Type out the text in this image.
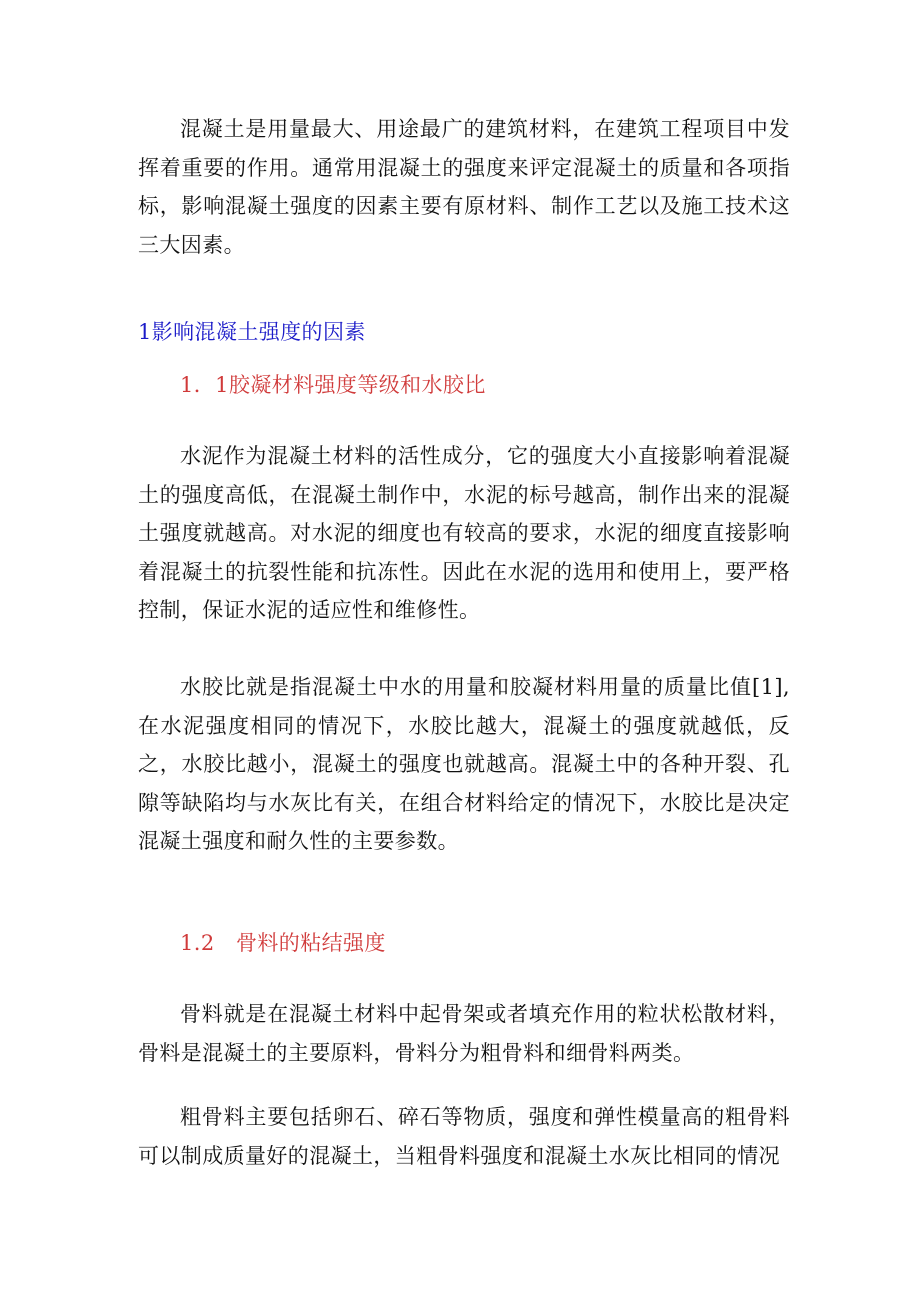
混凝土是用量最大、用途最广的建筑材料，在建筑工程项目中发挥着重要的作用。通常用混凝土的强度来评定混凝土的质量和各项指标，影响混凝土强度的因素主要有原材料、制作工艺以及施工技术这三大因素。

1影响混凝土强度的因素
1．1胶凝材料强度等级和水胶比

水泥作为混凝土材料的活性成分，它的强度大小直接影响着混凝土的强度高低，在混凝土制作中，水泥的标号越高，制作出来的混凝土强度就越高。对水泥的细度也有较高的要求，水泥的细度直接影响着混凝土的抗裂性能和抗冻性。因此在水泥的选用和使用上，要严格控制，保证水泥的适应性和维修性。

水胶比就是指混凝土中水的用量和胶凝材料用量的质量比值[1],在水泥强度相同的情况下，水胶比越大，混凝土的强度就越低，反之，水胶比越小，混凝土的强度也就越高。混凝土中的各种开裂、孔隙等缺陷均与水灰比有关，在组合材料给定的情况下，水胶比是决定混凝土强度和耐久性的主要参数。

1.2 骨料的粘结强度

骨料就是在混凝土材料中起骨架或者填充作用的粒状松散材料，骨料是混凝土的主要原料，骨料分为粗骨料和细骨料两类。

粗骨料主要包括卵石、碎石等物质，强度和弹性模量高的粗骨料可以制成质量好的混凝土，当粗骨料强度和混凝土水灰比相同的情况
